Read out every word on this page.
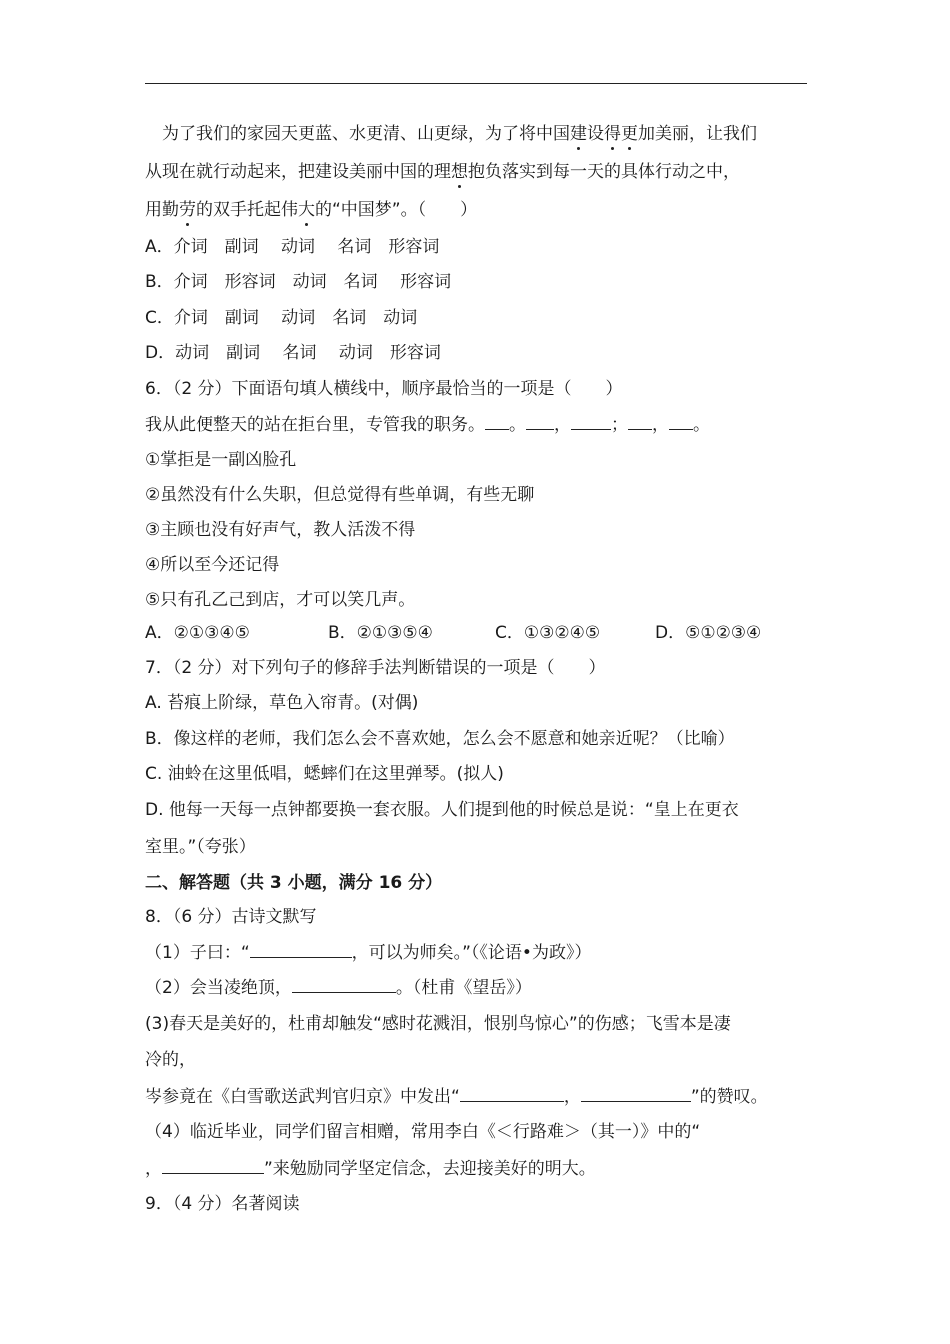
为了我们的家园天更蓝、水更清、山更绿，为了将中国建设得更加美丽，让我们
从现在就行动起来，把建设美丽中国的理想抱负落实到每一天的具体行动之中，
用勤劳的双手托起伟大的“中国梦”。（　　）
A．介词　副词　 动词　 名词　形容词
B．介词　形容词　动词　名词　 形容词
C．介词　副词　 动词　名词　动词
D．动词　副词　 名词　 动词　形容词
6．（2 分）下面语句填人横线中，顺序最恰当的一项是（　　）
我从此便整天的站在拒台里，专管我的职务。 。 ， ； ， 。
①掌拒是一副凶脸孔
②虽然没有什么失职，但总觉得有些单调，有些无聊
③主顾也没有好声气，教人活泼不得
④所以至今还记得
⑤只有孔乙己到店，才可以笑几声。
A．②①③④⑤	B．②①③⑤④	C．①③②④⑤	D．⑤①②③④
7．（2 分）对下列句子的修辞手法判断错误的一项是（　　）
A. 苔痕上阶绿，草色入帘青。(对偶)
B．像这样的老师，我们怎么会不喜欢她，怎么会不愿意和她亲近呢？（比喻）
C. 油蛉在这里低唱，蟋蟀们在这里弹琴。(拟人)
D. 他每一天每一点钟都要换一套衣服。人们提到他的时候总是说：“皇上在更衣
室里。”（夸张）
二、解答题（共 3 小题，满分 16 分）
8．（6 分）古诗文默写
（1）子曰：“	，可以为师矣。”（《论语•为政》）
（2）会当凌绝顶，	。（杜甫《望岳》）
(3)春天是美好的，杜甫却触发“感时花溅泪，恨别鸟惊心”的伤感；飞雪本是凄
冷的，
岑参竟在《白雪歌送武判官归京》中发出“	，	”的赞叹。
（4）临近毕业，同学们留言相赠，常用李白《＜行路难＞（其一）》中的“
，	”来勉励同学坚定信念，去迎接美好的明大。
9．（4 分）名著阅读
